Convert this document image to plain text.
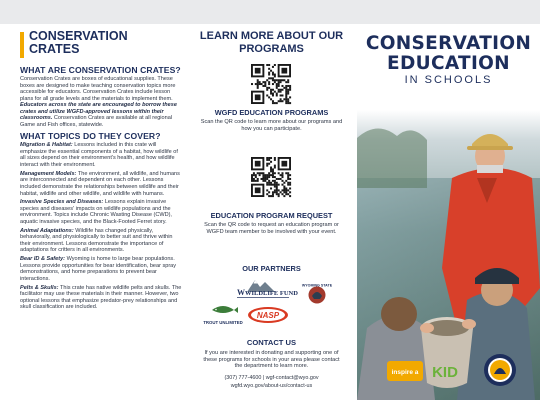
CONSERVATION CRATES
WHAT ARE CONSERVATION CRATES?
Conservation Crates are boxes of educational supplies. These boxes are designed to make teaching conservation topics more accessible for educators. Conservation Crates include lesson plans for all grade levels and the materials to implement them. Educators across the state are encouraged to borrow these crates and utilize WGFD-approved lessons within their classrooms. Conservation Crates are available at all regional Game and Fish offices, statewide.
WHAT TOPICS DO THEY COVER?
Migration & Habitat: Lessons included in this crate will emphasize the essential components of a habitat, how wildlife of all sizes depend on their environment's health, and how wildlife interact with their environment.
Management Models: The environment, all wildlife, and humans are interconnected and dependent on each other. Lessons included demonstrate the relationships between wildlife and their habitat, wildlife and other wildlife, and wildlife with humans.
Invasive Species and Diseases: Lessons explain invasive species and diseases' impacts on wildlife populations and the environment. Topics include Chronic Wasting Disease (CWD), aquatic invasive species, and the Black-Footed Ferret story.
Animal Adaptations: Wildlife has changed physically, behaviorally, and physiologically to better suit and thrive within their environment. Lessons demonstrate the importance of adaptations for critters in all environments.
Bear ID & Safety: Wyoming is home to large bear populations. Lessons provide opportunities for bear identification, bear spray demonstrations, and home preparations to prevent bear interactions.
Pelts & Skulls: This crate has native wildlife pelts and skulls. The facilitator may use these materials in their manner. However, two optional lessons that emphasize predator-prey relationships and skull classification are included.
LEARN MORE ABOUT OUR PROGRAMS
WGFD EDUCATION PROGRAMS
Scan the QR code to learn more about our programs and how you can participate.
EDUCATION PROGRAM REQUEST
Scan the QR code to request an education program or WGFD team member to be involved with your event.
OUR PARTNERS
W WILDLIFE FUND
WYOMING STATE
TROUT UNLIMITED
NASP
CONTACT US
If you are interested in donating and supporting one of these programs for schools in your area please contact the department to learn more.
(307) 777-4600 | wgf-contact@wyo.gov
wgfd.wyo.gov/about-us/contact-us
CONSERVATION EDUCATION
IN SCHOOLS
inspire a KID
